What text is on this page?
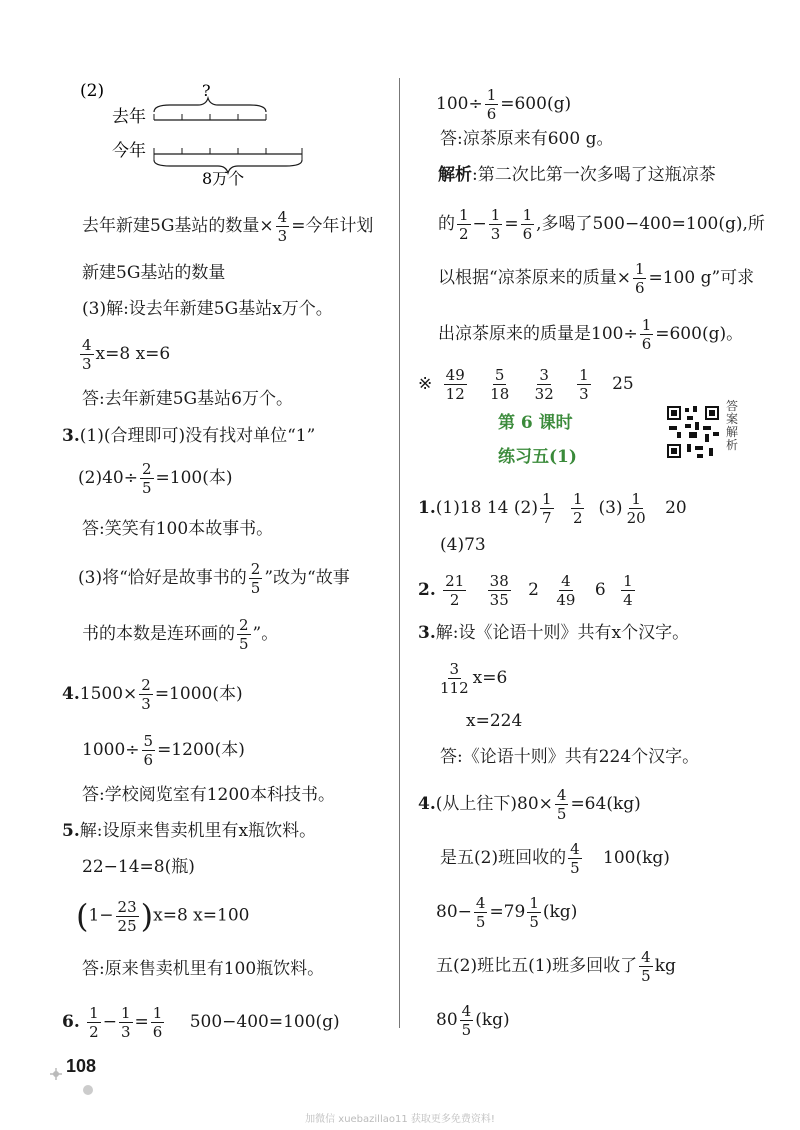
(2)	?
去年
今年
8万个
去年新建5G基站的数量× $\frac{4}{3}$ =今年计划
新建5G基站的数量
(3)解:设去年新建5G基站x万个。
$\frac{4}{3} x=8$ x=6
答:去年新建5G基站6万个。
3.(1)(合理即可)没有找对单位“1”
$(2)40\div \frac{2}{5} =100$(本)
答:笑笑有100本故事书。
(3)将“恰好是故事书的 $\frac{2}{5}$ ”改为“故事
书的本数是连环画的 $\frac{2}{5}$ ”。
$4.1500\times \frac{2}{3} =1000$(本)
$1000\div \frac{5}{6} =1200$(本)
答:学校阅览室有1200本科技书。
5.解:设原来售卖机里有x瓶饮料。
22−14=8(瓶)
$(1- \frac{23}{25} )x=8$ x=100
答:原来售卖机里有100瓶饮料。
6. $\frac{1}{2} - \frac{1}{3} = \frac{1}{6} 500-400=100(g)$
$100\div \frac{1}{6} =600(g)$
答:凉茶原来有600 g。
解析:第二次比第一次多喝了这瓶凉茶
的 $\frac{1}{2} - \frac{1}{3} = \frac{1}{6}$ ,多喝了500−400=100(g),所
以根据“凉茶原来的质量× $\frac{1}{6} =100$ g”可求
出凉茶原来的质量是$100\div \frac{1}{6} =600(g)$。
※ $\frac{49}{12}$
$\frac{5}{18}$
$\frac{3}{32}$
$\frac{1}{3} 25$
第 6 课时
练习五(1)
答案解析
1.(1)18 14 $(2) \frac{1}{7}$
$\frac{1}{2} (3) \frac{1}{20} 20$
(4)73
2. $\frac{21}{2}$
$\frac{38}{35} 2 \frac{4}{49} 6 \frac{1}{4}$
3.解:设《论语十则》共有x个汉字。
$\frac{3}{112} x=6$
x=224
答:《论语十则》共有224个汉字。
4.(从上往下)$80\times \frac{4}{5} =64(kg)$
是五(2)班回收的 $\frac{4}{5} 100(kg)$
$80- \frac{4}{5} =79 \frac{1}{5} (kg)$
五(2)班比五(1)班多回收了 $\frac{4}{5}$ kg
$80 \frac{4}{5} (kg)$
108
加微信 xuebazillao11 获取更多免费资料!
